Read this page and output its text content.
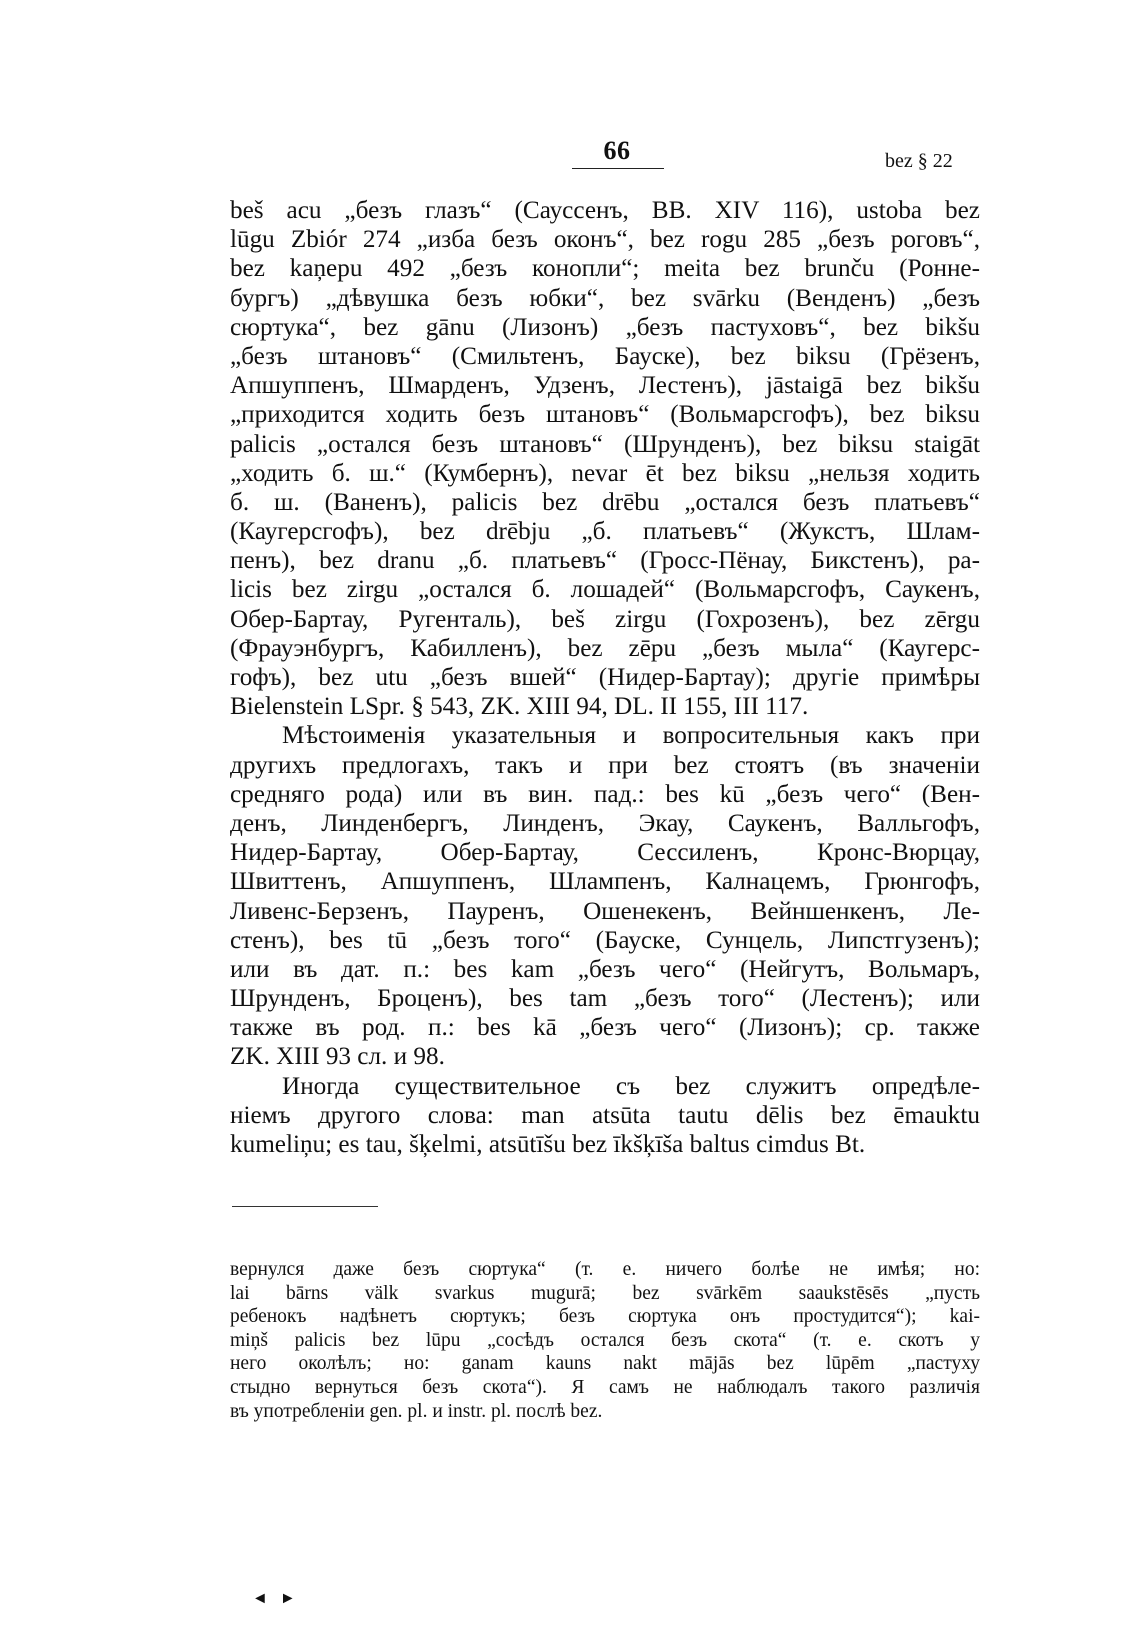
66	bez § 22
beš acu „безъ глазъ“ (Сауссенъ, BB. XIV 116), ustoba bez
lūgu Zbiór 274 „изба безъ оконъ“, bez rogu 285 „безъ роговъ“,
bez kaņepu 492 „безъ конопли“; meita bez brunču (Ронне-
бургъ) „дѣвушка безъ юбки“, bez svārku (Венденъ) „безъ
сюртука“, bez gānu (Лизонъ) „безъ пастуховъ“, bez bikšu
„безъ штановъ“ (Смильтенъ, Бауске), bez biksu (Грёзенъ,
Апшуппенъ, Шмарденъ, Удзенъ, Лестенъ), jāstaigā bez bikšu
„приходится ходить безъ штановъ“ (Вольмарсгофъ), bez biksu
palicis „остался безъ штановъ“ (Шрунденъ), bez biksu staigāt
„ходить б. ш.“ (Кумбернъ), nevar ēt bez biksu „нельзя ходить
б. ш. (Ваненъ), palicis bez drēbu „остался безъ платьевъ“
(Каугерсгофъ), bez drēbju „б. платьевъ“ (Жукстъ, Шлам-
пенъ), bez dranu „б. платьевъ“ (Гросс-Пёнау, Бикстенъ), pa-
licis bez zirgu „остался б. лошадей“ (Вольмарсгофъ, Саукенъ,
Обер-Бартау, Ругенталь), beš zirgu (Гохрозенъ), bez zērgu
(Фрауэнбургъ, Кабилленъ), bez zēpu „безъ мыла“ (Каугерс-
гофъ), bez utu „безъ вшей“ (Нидер-Бартау); другіе примѣры
Bielenstein LSpr. § 543, ZK. XIII 94, DL. II 155, III 117.
Мѣстоименія указательныя и вопросительныя какъ при
другихъ предлогахъ, такъ и при bez стоятъ (въ значеніи
средняго рода) или въ вин. пад.: bes kū „безъ чего“ (Вен-
денъ, Линденбергъ, Линденъ, Экау, Саукенъ, Валльгофъ,
Нидер-Бартау, Обер-Бартау, Сессиленъ, Кронс-Вюрцау,
Швиттенъ, Апшуппенъ, Шлампенъ, Калнацемъ, Грюнгофъ,
Ливенс-Берзенъ, Пауренъ, Ошенекенъ, Вейншенкенъ, Ле-
стенъ), bes tū „безъ того“ (Бауске, Сунцель, Липстгузенъ);
или въ дат. п.: bes kam „безъ чего“ (Нейгутъ, Вольмаръ,
Шрунденъ, Броценъ), bes tam „безъ того“ (Лестенъ); или
также въ род. п.: bes kā „безъ чего“ (Лизонъ); ср. также
ZK. XIII 93 сл. и 98.
Иногда существительное съ bez служитъ опредѣле-
ніемъ другого слова: man atsūta tautu dēlis bez ēmauktu
kumeliņu; es tau, šķelmi, atsūtīšu bez īkšķīša baltus cimdus Bt.
вернулся даже безъ сюртука“ (т. е. ничего болѣе не имѣя; но:
lai bārns välk svarkus mugurā; bez svārkēm saaukstēsēs „пусть
ребенокъ надѣнетъ сюртукъ; безъ сюртука онъ простудится“); kai-
miņš palicis bez lūpu „сосѣдъ остался безъ скота“ (т. е. скотъ у
него околѣлъ; но: ganam kauns nakt mājās bez lūpēm „пастуху
стыдно вернуться безъ скота“). Я самъ не наблюдалъ такого различія
въ употребленіи gen. pl. и instr. pl. послѣ bez.
◄ ►
